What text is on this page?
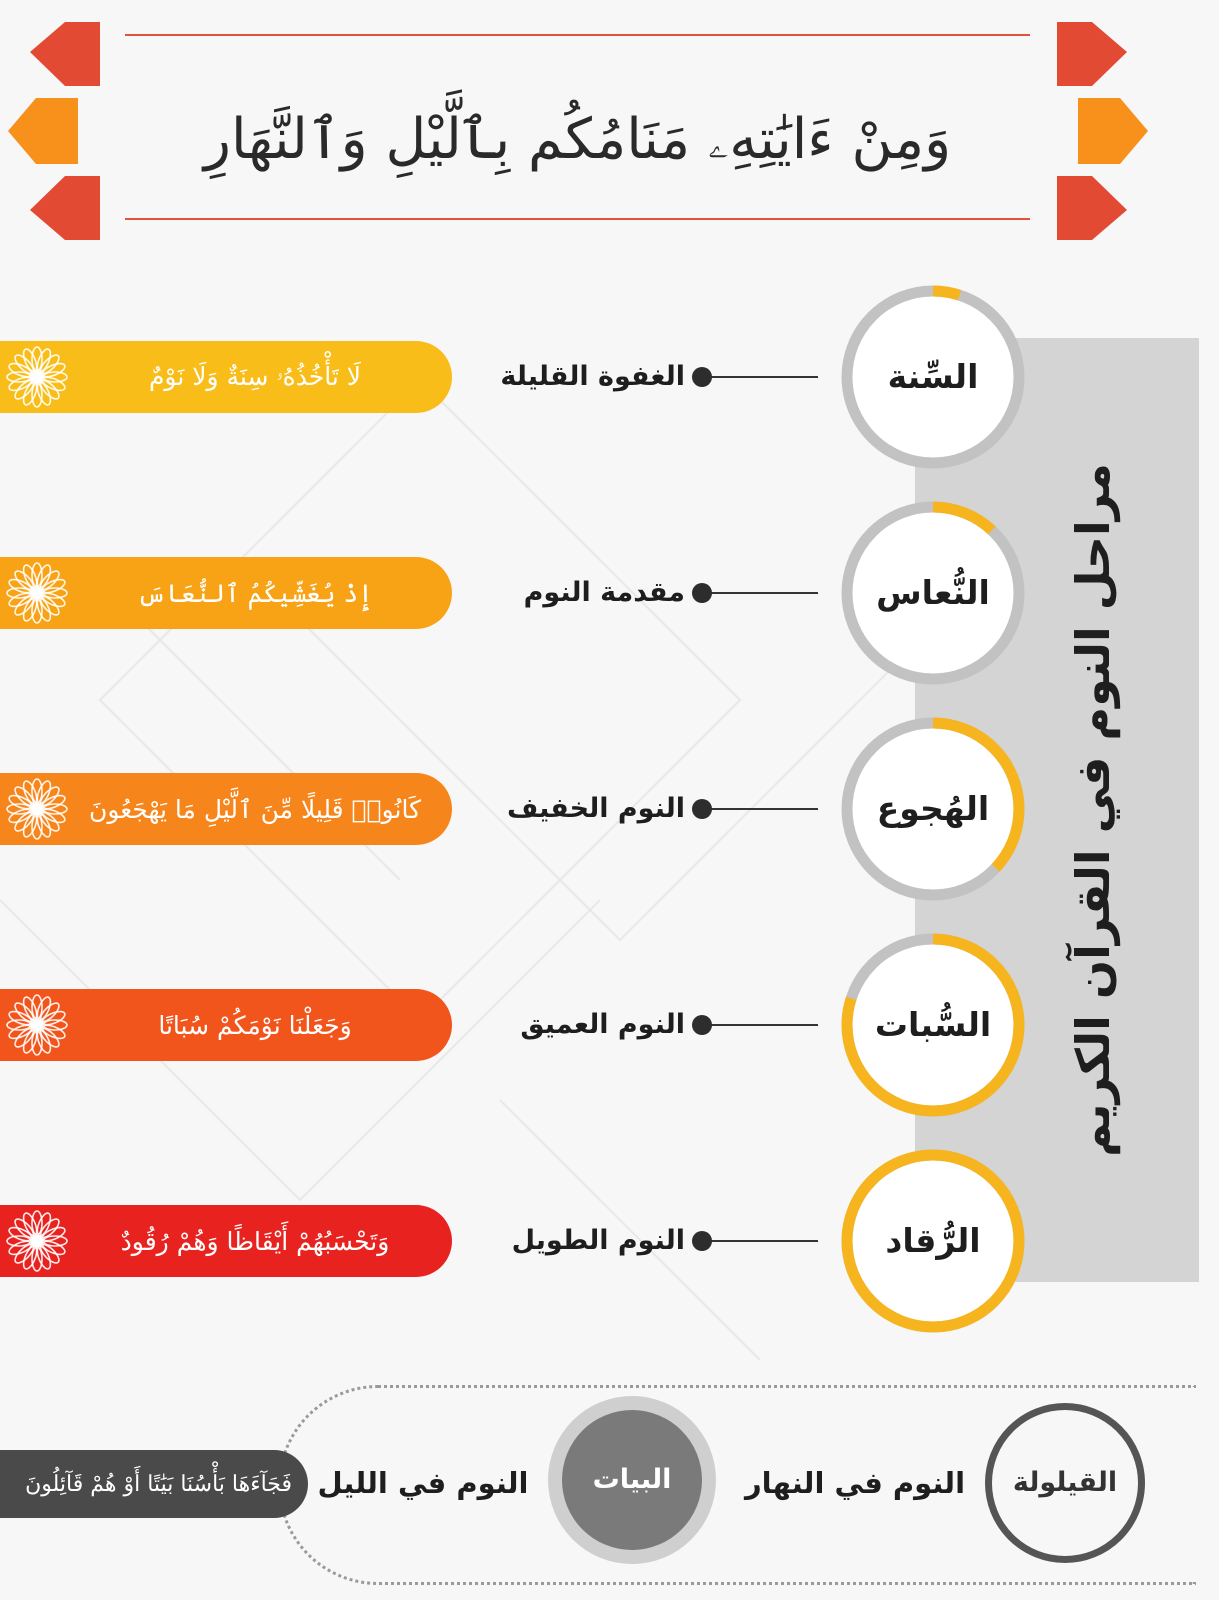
وَمِنْ ءَايَٰتِهِۦ مَنَامُكُم بِٱلَّيْلِ وَٱلنَّهَارِ
مراحل النوم في القرآن الكريم
السِّنة
الغفوة القليلة
لَا تَأْخُذُهُۥ سِنَةٌ وَلَا نَوْمٌ
النُّعاس
مقدمة النوم
إِذْ يُغَشِّيكُمُ ٱلنُّعَاسَ
الهُجوع
النوم الخفيف
كَانُوا۟ قَلِيلًا مِّنَ ٱلَّيْلِ مَا يَهْجَعُونَ
السُّبات
النوم العميق
وَجَعَلْنَا نَوْمَكُمْ سُبَاتًا
الرُّقاد
النوم الطويل
وَتَحْسَبُهُمْ أَيْقَاظًا وَهُمْ رُقُودٌ
القيلولة
النوم في النهار
البيات
النوم في الليل
فَجَآءَهَا بَأْسُنَا بَيَٰتًا أَوْ هُمْ قَآئِلُونَ
